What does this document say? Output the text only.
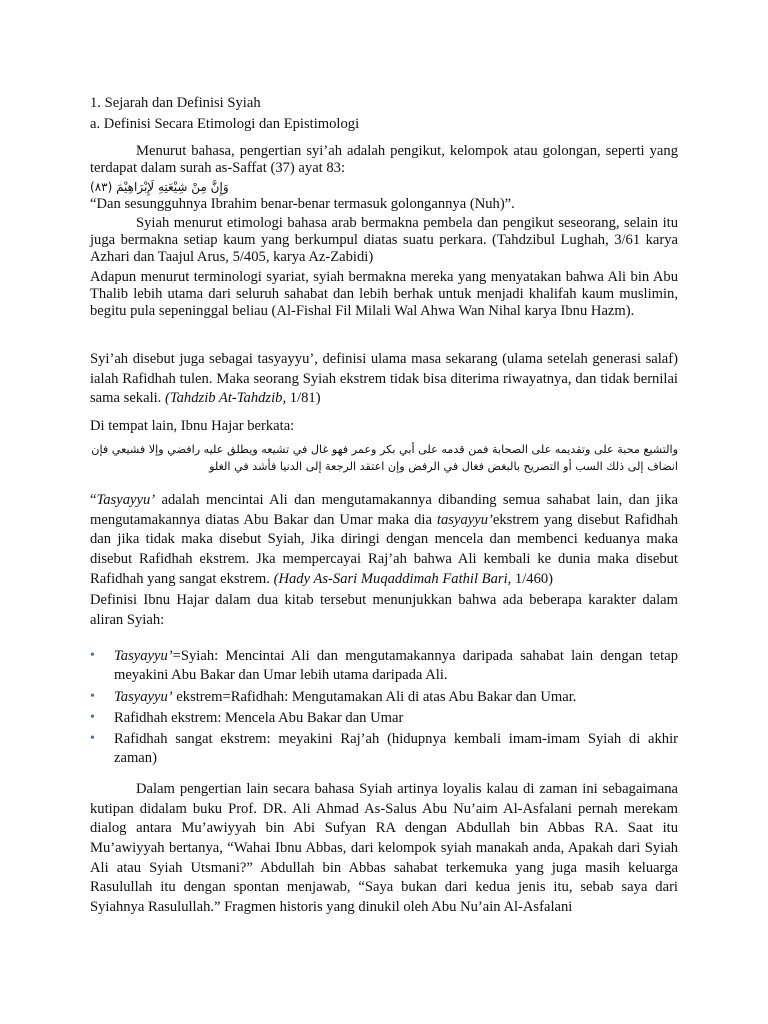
1. Sejarah dan Definisi Syiah
a. Definisi Secara Etimologi dan Epistimologi

Menurut bahasa, pengertian syi’ah adalah pengikut, kelompok atau golongan, seperti yang terdapat dalam surah as-Saffat (37) ayat 83:

وَإِنَّ مِنْ شِيْعَتِهِ لَإِبْرَاهِيْمَ (٨٣)
“Dan sesungguhnya Ibrahim benar-benar termasuk golongannya (Nuh)”.

Syiah menurut etimologi bahasa arab bermakna pembela dan pengikut seseorang, selain itu juga bermakna setiap kaum yang berkumpul diatas suatu perkara. (Tahdzibul Lughah, 3/61 karya Azhari dan Taajul Arus, 5/405, karya Az-Zabidi)

Adapun menurut terminologi syariat, syiah bermakna mereka yang menyatakan bahwa Ali bin Abu Thalib lebih utama dari seluruh sahabat dan lebih berhak untuk menjadi khalifah kaum muslimin, begitu pula sepeninggal beliau (Al-Fishal Fil Milali Wal Ahwa Wan Nihal karya Ibnu Hazm).

Syi’ah disebut juga sebagai tasyayyu’, definisi ulama masa sekarang (ulama setelah generasi salaf) ialah Rafidhah tulen. Maka seorang Syiah ekstrem tidak bisa diterima riwayatnya, dan tidak bernilai sama sekali. (Tahdzib At-Tahdzib, 1/81)

Di tempat lain, Ibnu Hajar berkata:
والتشيع محبة على وتقديمه على الصحابة فمن قدمه على أبي بكر وعمر فهو غال في تشيعه ويطلق عليه رافضي وإلا فشيعي فإن انضاف إلى ذلك السب أو التصريح بالبغض فغال في الرفض وإن اعتقد الرجعة إلى الدنيا فأشد في الغلو

“Tasyayyu’ adalah mencintai Ali dan mengutamakannya dibanding semua sahabat lain, dan jika mengutamakannya diatas Abu Bakar dan Umar maka dia tasyayyu’ekstrem yang disebut Rafidhah dan jika tidak maka disebut Syiah, Jika diringi dengan mencela dan membenci keduanya maka disebut Rafidhah ekstrem. Jka mempercayai Raj’ah bahwa Ali kembali ke dunia maka disebut Rafidhah yang sangat ekstrem. (Hady As-Sari Muqaddimah Fathil Bari, 1/460)

Definisi Ibnu Hajar dalam dua kitab tersebut menunjukkan bahwa ada beberapa karakter dalam aliran Syiah:

• Tasyayyu’=Syiah: Mencintai Ali dan mengutamakannya daripada sahabat lain dengan tetap meyakini Abu Bakar dan Umar lebih utama daripada Ali.
• Tasyayyu’ ekstrem=Rafidhah: Mengutamakan Ali di atas Abu Bakar dan Umar.
• Rafidhah ekstrem: Mencela Abu Bakar dan Umar
• Rafidhah sangat ekstrem: meyakini Raj’ah (hidupnya kembali imam-imam Syiah di akhir zaman)

Dalam pengertian lain secara bahasa Syiah artinya loyalis kalau di zaman ini sebagaimana kutipan didalam buku Prof. DR. Ali Ahmad As-Salus Abu Nu’aim Al-Asfalani pernah merekam dialog antara Mu’awiyyah bin Abi Sufyan RA dengan Abdullah bin Abbas RA. Saat itu Mu’awiyyah bertanya, “Wahai Ibnu Abbas, dari kelompok syiah manakah anda, Apakah dari Syiah Ali atau Syiah Utsmani?” Abdullah bin Abbas sahabat terkemuka yang juga masih keluarga Rasulullah itu dengan spontan menjawab, “Saya bukan dari kedua jenis itu, sebab saya dari Syiahnya Rasulullah.” Fragmen historis yang dinukil oleh Abu Nu’ain Al-Asfalani
